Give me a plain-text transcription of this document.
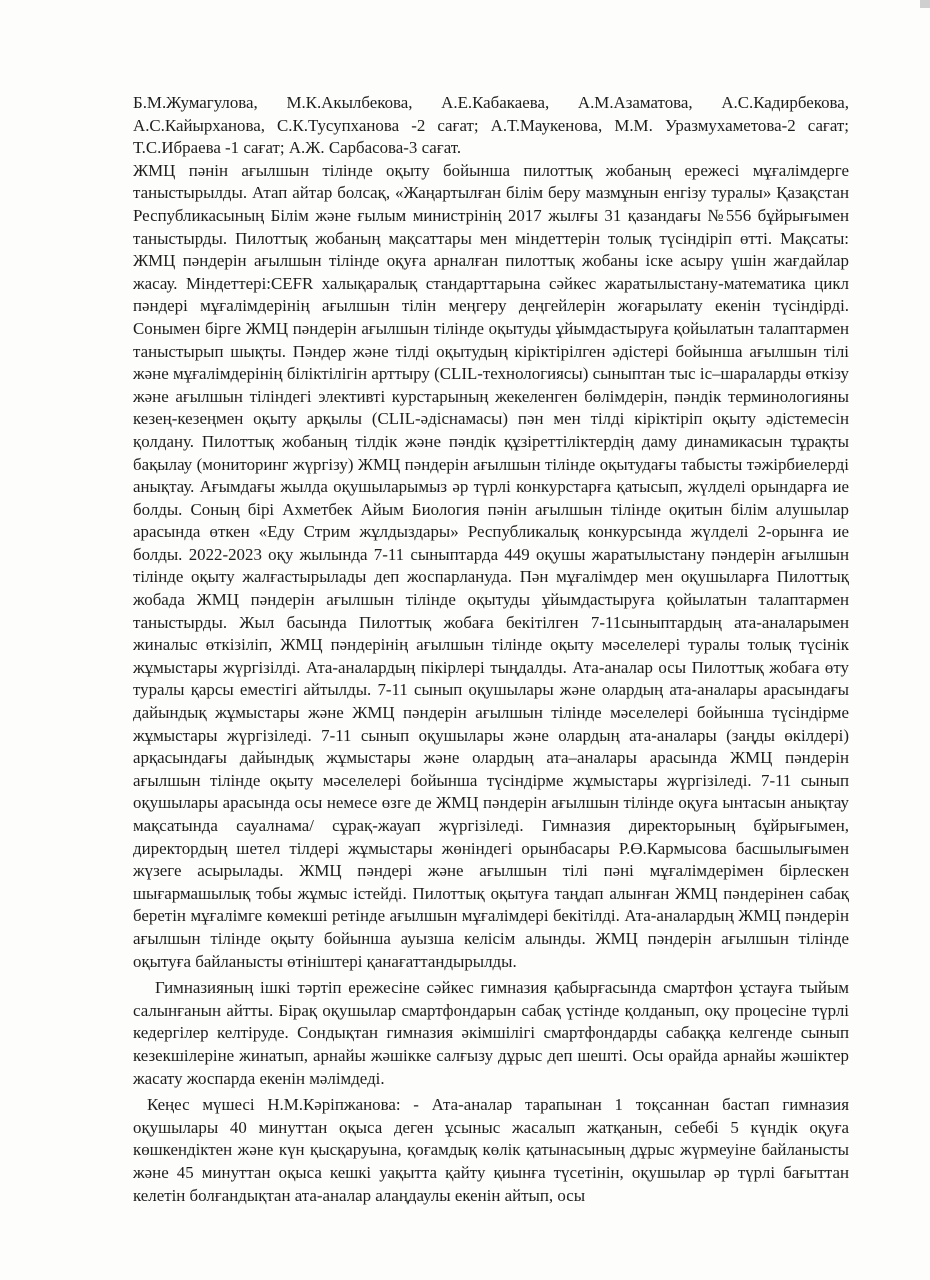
Б.М.Жумагулова, М.К.Акылбекова, А.Е.Кабакаева, А.М.Азаматова, А.С.Кадирбекова, А.С.Кайырханова, С.К.Тусупханова -2 сағат; А.Т.Маукенова, М.М. Уразмухаметова-2 сағат; Т.С.Ибраева -1 сағат; А.Ж. Сарбасова-3 сағат.

ЖМЦ пәнін ағылшын тілінде оқыту бойынша пилоттық жобаның ережесі мұғалімдерге таныстырылды. Атап айтар болсақ, «Жаңартылған білім беру мазмұнын енгізу туралы» Қазақстан Республикасының Білім және ғылым министрінің 2017 жылғы 31 қазандағы №556 бұйрығымен таныстырды. Пилоттық жобаның мақсаттары мен міндеттерін толық түсіндіріп өтті. Мақсаты: ЖМЦ пәндерін ағылшын тілінде оқуға арналған пилоттық жобаны іске асыру үшін жағдайлар жасау. Міндеттері:CEFR халықаралық стандарттарына сәйкес жаратылыстану-математика цикл пәндері мұғалімдерінің ағылшын тілін меңгеру деңгейлерін жоғарылату екенін түсіндірді. Сонымен бірге ЖМЦ пәндерін ағылшын тілінде оқытуды ұйымдастыруға қойылатын талаптармен таныстырып шықты. Пәндер және тілді оқытудың кіріктірілген әдістері бойынша ағылшын тілі және мұғалімдерінің біліктілігін арттыру (CLIL-технологиясы) сыныптан тыс іс–шараларды өткізу және ағылшын тіліндегі элективті курстарының жекеленген бөлімдерін, пәндік терминологияны кезең-кезеңмен оқыту арқылы (CLIL-әдіснамасы) пән мен тілді кіріктіріп оқыту әдістемесін қолдану. Пилоттық жобаның тілдік және пәндік құзіреттіліктердің даму динамикасын тұрақты бақылау (мониторинг жүргізу) ЖМЦ пәндерін ағылшын тілінде оқытудағы табысты тәжірбиелерді анықтау. Ағымдағы жылда оқушыларымыз әр түрлі конкурстарға қатысып, жүлделі орындарға ие болды. Соның бірі Ахметбек Айым Биология пәнін ағылшын тілінде оқитын білім алушылар арасында өткен «Еду Стрим жұлдыздары» Республикалық конкурсында жүлделі 2-орынға ие болды. 2022-2023 оқу жылында 7-11 сыныптарда 449 оқушы жаратылыстану пәндерін ағылшын тілінде оқыту жалғастырылады деп жоспарлануда. Пән мұғалімдер мен оқушыларға Пилоттық жобада ЖМЦ пәндерін ағылшын тілінде оқытуды ұйымдастыруға қойылатын талаптармен таныстырды. Жыл басында Пилоттық жобаға бекітілген 7-11сыныптардың ата-аналарымен жиналыс өткізіліп, ЖМЦ пәндерінің ағылшын тілінде оқыту мәселелері туралы толық түсінік жұмыстары жүргізілді. Ата-аналардың пікірлері тыңдалды. Ата-аналар осы Пилоттық жобаға өту туралы қарсы еместігі айтылды. 7-11 сынып оқушылары және олардың ата-аналары арасындағы дайындық жұмыстары және ЖМЦ пәндерін ағылшын тілінде мәселелері бойынша түсіндірме жұмыстары жүргізіледі. 7-11 сынып оқушылары және олардың ата-аналары (заңды өкілдері) арқасындағы дайындық жұмыстары және олардың ата–аналары арасында ЖМЦ пәндерін ағылшын тілінде оқыту мәселелері бойынша түсіндірме жұмыстары жүргізіледі. 7-11 сынып оқушылары арасында осы немесе өзге де ЖМЦ пәндерін ағылшын тілінде оқуға ынтасын анықтау мақсатында сауалнама/ сұрақ-жауап жүргізіледі. Гимназия директорының бұйрығымен, директордың шетел тілдері жұмыстары жөніндегі орынбасары Р.Ө.Кармысова басшылығымен жүзеге асырылады. ЖМЦ пәндері және ағылшын тілі пәні мұғалімдерімен бірлескен шығармашылық тобы жұмыс істейді. Пилоттық оқытуға таңдап алынған ЖМЦ пәндерінен сабақ беретін мұғалімге көмекші ретінде ағылшын мұғалімдері бекітілді. Ата-аналардың ЖМЦ пәндерін ағылшын тілінде оқыту бойынша ауызша келісім алынды. ЖМЦ пәндерін ағылшын тілінде оқытуға байланысты өтініштері қанағаттандырылды.

Гимназияның ішкі тәртіп ережесіне сәйкес гимназия қабырғасында смартфон ұстауға тыйым салынғанын айтты. Бірақ оқушылар смартфондарын сабақ үстінде қолданып, оқу процесіне түрлі кедергілер келтіруде. Сондықтан гимназия әкімшілігі смартфондарды сабаққа келгенде сынып кезекшілеріне жинатып, арнайы жәшікке салғызу дұрыс деп шешті. Осы орайда арнайы жәшіктер жасату жоспарда екенін мәлімдеді.

Кеңес мүшесі Н.М.Кәріпжанова: - Ата-аналар тарапынан 1 тоқсаннан бастап гимназия оқушылары 40 минуттан оқыса деген ұсыныс жасалып жатқанын, себебі 5 күндік оқуға көшкендіктен және күн қысқаруына, қоғамдық көлік қатынасының дұрыс жүрмеуіне байланысты және 45 минуттан оқыса кешкі уақытта қайту қиынға түсетінін, оқушылар әр түрлі бағыттан келетін болғандықтан ата-аналар алаңдаулы екенін айтып, осы
